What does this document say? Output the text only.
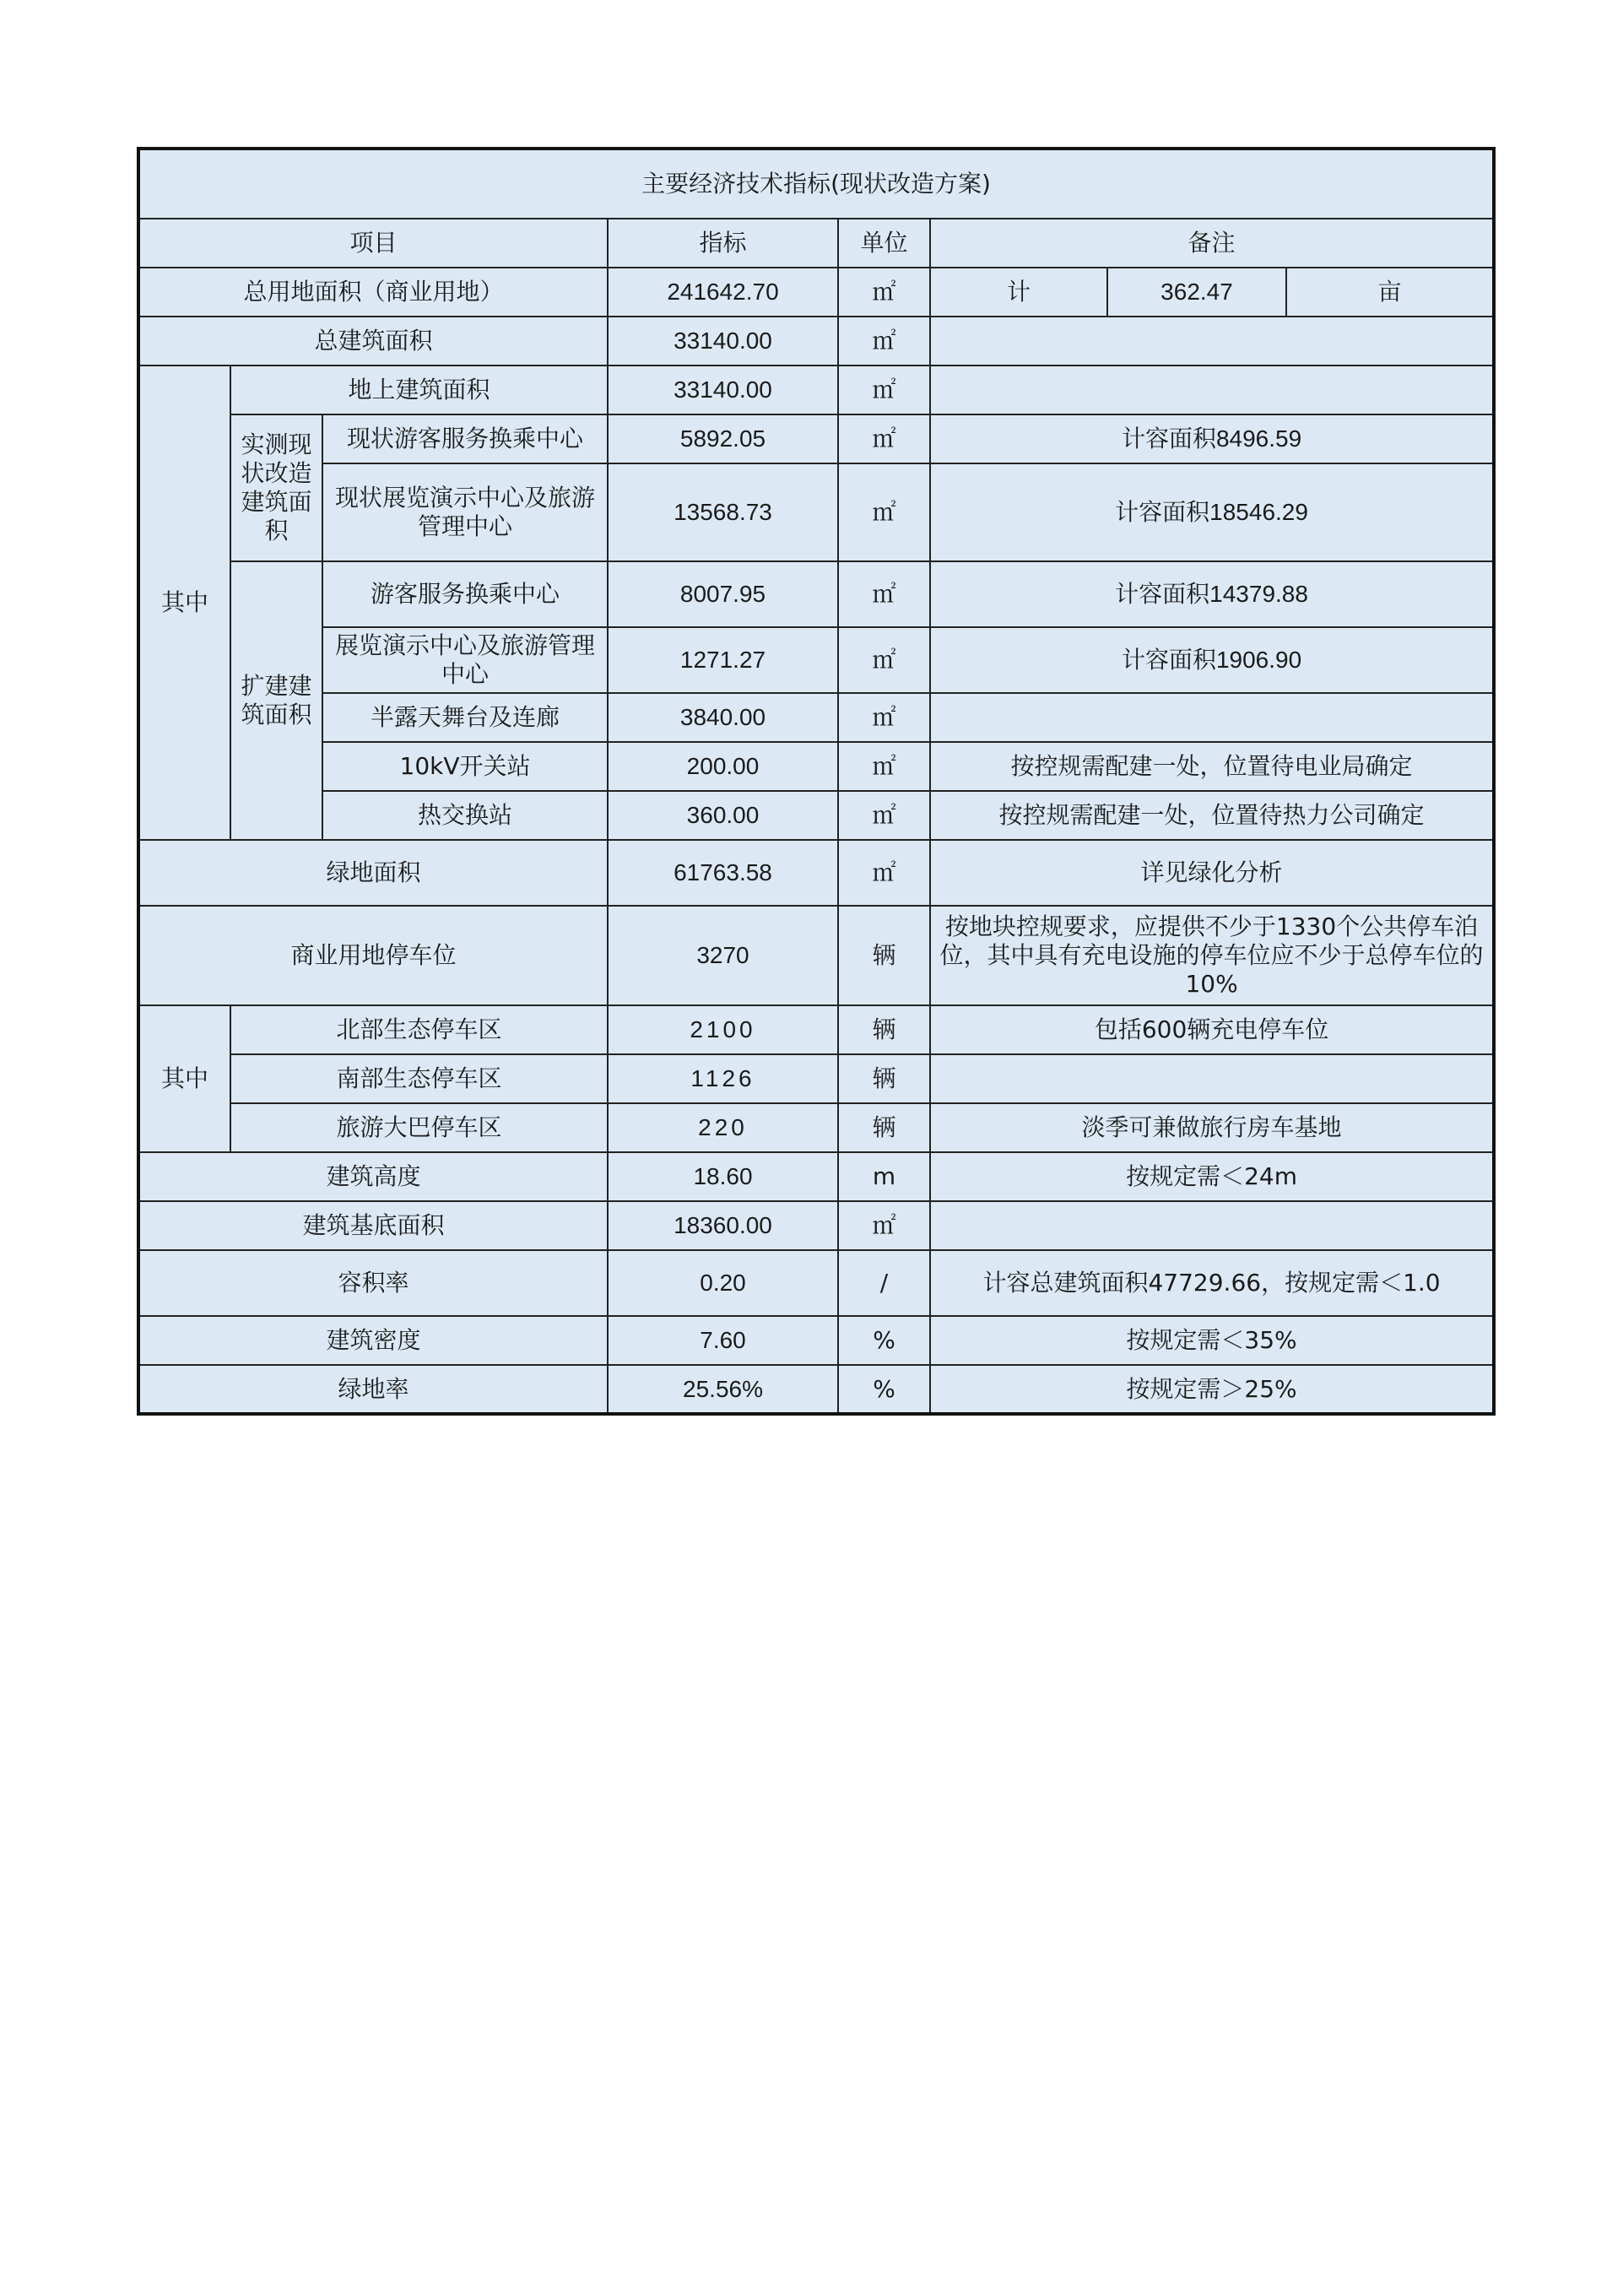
主要经济技术指标(现状改造方案)							
项目			指标	单位	备注		
总用地面积（商业用地）			241642.70	㎡	计	362.47	亩
总建筑面积			33140.00	㎡			
其中	地上建筑面积		33140.00	㎡			
	实测现状改造建筑面积	现状游客服务换乘中心	5892.05	㎡	计容面积8496.59		
		现状展览演示中心及旅游管理中心	13568.73	㎡	计容面积18546.29		
	扩建建筑面积	游客服务换乘中心	8007.95	㎡	计容面积14379.88		
		展览演示中心及旅游管理中心	1271.27	㎡	计容面积1906.90		
		半露天舞台及连廊	3840.00	㎡			
		10kV开关站	200.00	㎡	按控规需配建一处，位置待电业局确定		
		热交换站	360.00	㎡	按控规需配建一处，位置待热力公司确定		
绿地面积			61763.58	㎡	详见绿化分析		
商业用地停车位			3270	辆	按地块控规要求，应提供不少于1330个公共停车泊位，其中具有充电设施的停车位应不少于总停车位的10%		
其中	北部生态停车区		2100	辆	包括600辆充电停车位		
	南部生态停车区		1126	辆			
	旅游大巴停车区		220	辆	淡季可兼做旅行房车基地		
建筑高度			18.60	m	按规定需＜24m		
建筑基底面积			18360.00	㎡			
容积率			0.20	/	计容总建筑面积47729.66，按规定需＜1.0		
建筑密度			7.60	%	按规定需＜35%		
绿地率			25.56%	%	按规定需＞25%		
